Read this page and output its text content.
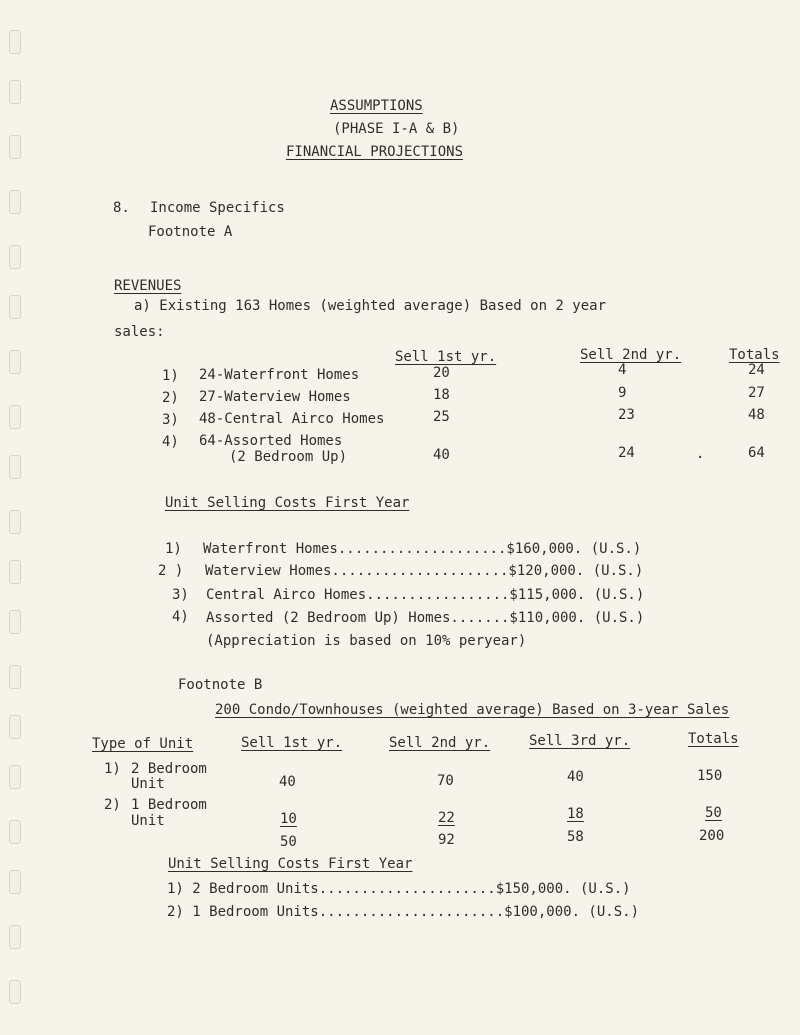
ASSUMPTIONS
(PHASE I-A & B)
FINANCIAL PROJECTIONS
8. Income Specifics
Footnote A
REVENUES
a) Existing 163 Homes (weighted average) Based on 2 year
sales:
Sell 1st yr.	Sell 2nd yr.	Totals
1) 24-Waterfront Homes	20	4	24
2) 27-Waterview Homes	18	9	27
3) 48-Central Airco Homes	25	23	48
4) 64-Assorted Homes
(2 Bedroom Up)	40	24	.	64
Unit Selling Costs First Year
1) Waterfront Homes....................$160,000. (U.S.)
2 ) Waterview Homes.....................$120,000. (U.S.)
3) Central Airco Homes.................$115,000. (U.S.)
4) Assorted (2 Bedroom Up) Homes.......$110,000. (U.S.)
(Appreciation is based on 10% peryear)
Footnote B
200 Condo/Townhouses (weighted average) Based on 3-year Sales
Type of Unit	Sell 1st yr.	Sell 2nd yr.	Sell 3rd yr.	Totals
1) 2 Bedroom
Unit	40	70	40	150
2) 1 Bedroom
Unit	10	22	18	50
50	92	58	200
Unit Selling Costs First Year
1) 2 Bedroom Units.....................$150,000. (U.S.)
2) 1 Bedroom Units......................$100,000. (U.S.)
